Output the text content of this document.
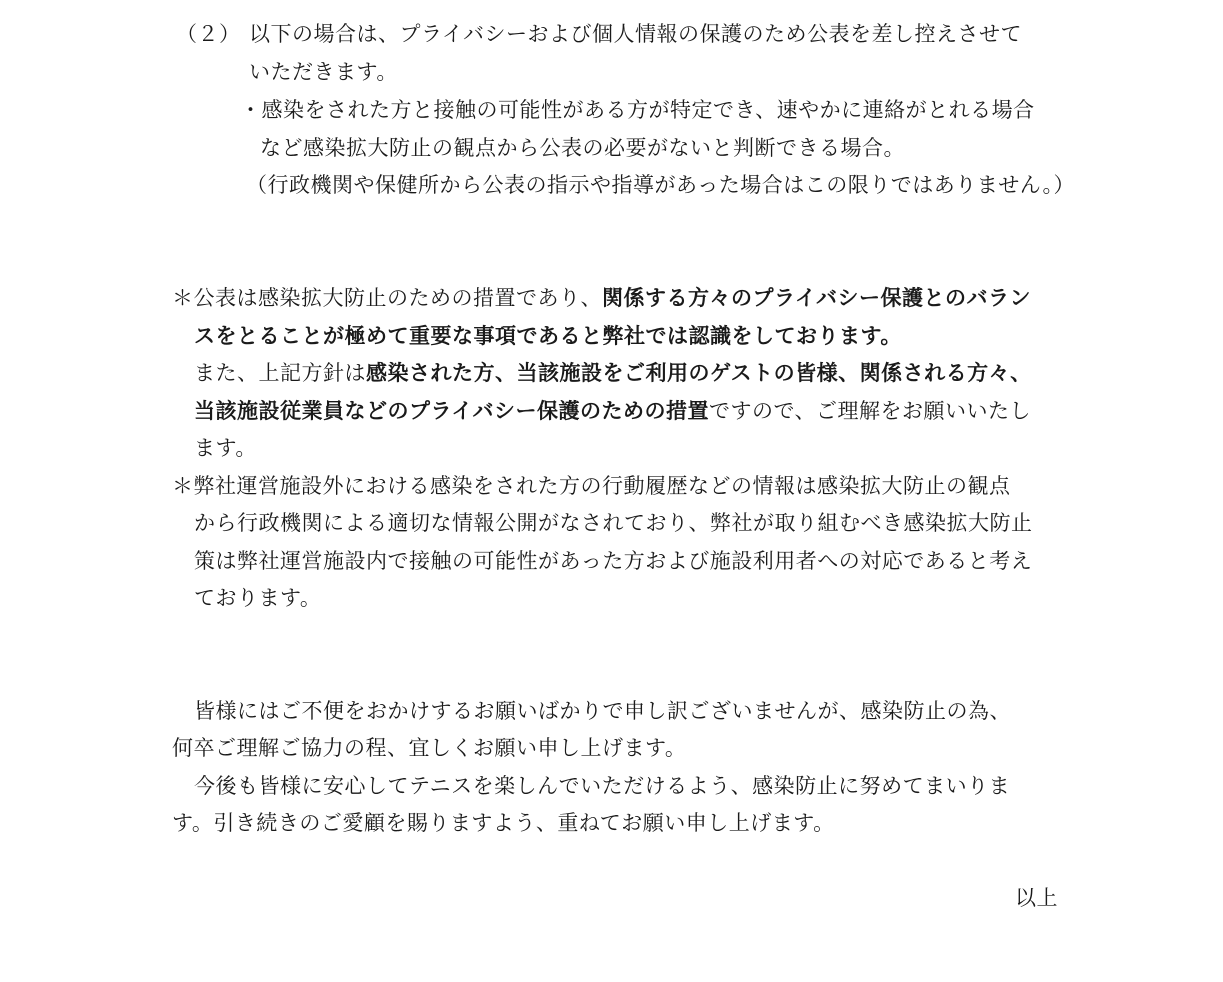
（２） 以下の場合は、プライバシーおよび個人情報の保護のため公表を差し控えさせて
いただきます。
・感染をされた方と接触の可能性がある方が特定でき、速やかに連絡がとれる場合
など感染拡大防止の観点から公表の必要がないと判断できる場合。
（行政機関や保健所から公表の指示や指導があった場合はこの限りではありません。）
＊公表は感染拡大防止のための措置であり、関係する方々のプライバシー保護とのバラン
スをとることが極めて重要な事項であると弊社では認識をしております。
また、上記方針は感染された方、当該施設をご利用のゲストの皆様、関係される方々、
当該施設従業員などのプライバシー保護のための措置ですので、ご理解をお願いいたし
ます。
＊弊社運営施設外における感染をされた方の行動履歴などの情報は感染拡大防止の観点
から行政機関による適切な情報公開がなされており、弊社が取り組むべき感染拡大防止
策は弊社運営施設内で接触の可能性があった方および施設利用者への対応であると考え
ております。
皆様にはご不便をおかけするお願いばかりで申し訳ございませんが、感染防止の為、
何卒ご理解ご協力の程、宜しくお願い申し上げます。
今後も皆様に安心してテニスを楽しんでいただけるよう、感染防止に努めてまいりま
す。引き続きのご愛顧を賜りますよう、重ねてお願い申し上げます。
以上
